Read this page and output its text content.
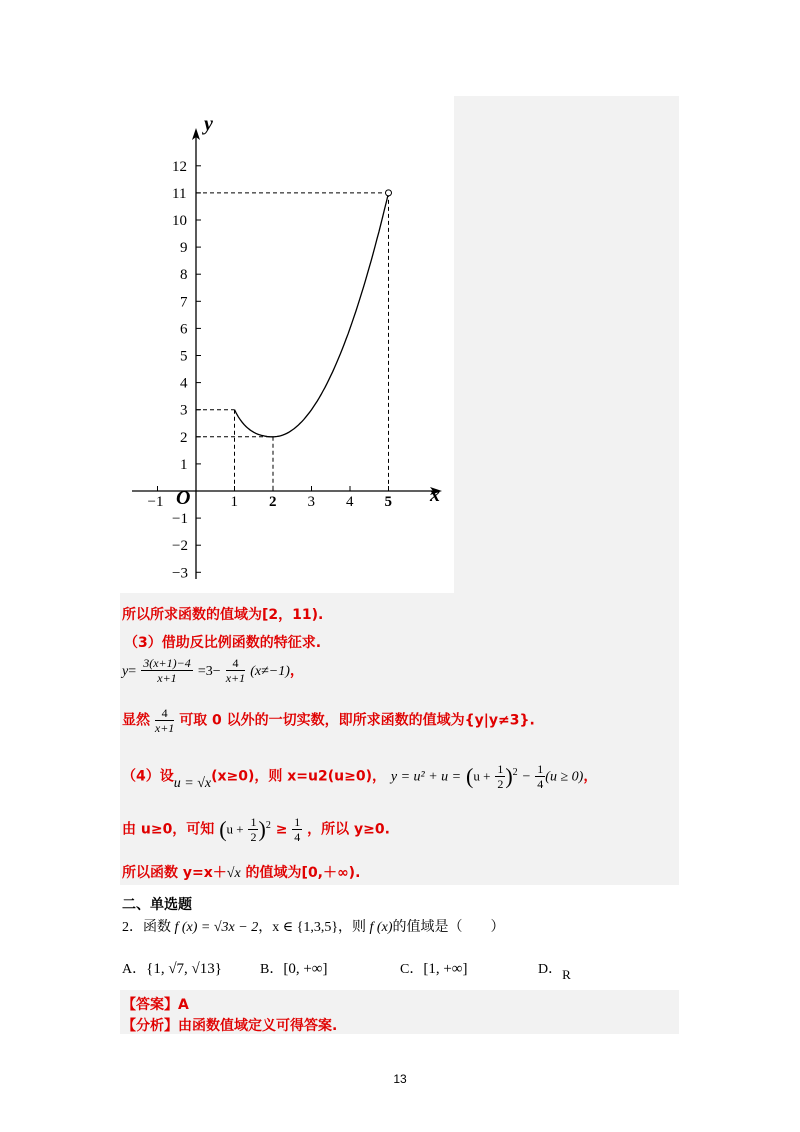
x
y
O
−1	1 2 3 4 5
12
11
10
9
8
7
6
5
4
3
2
1
−1
−2
−3
所以所求函数的值域为[2，11).
（3）借助反比例函数的特征求.
$y= \frac{3(x+1)-4}{x+1} =3- \frac{4}{x+1} (x\ne-1)$，
显然 $\frac{4}{x+1}$ 可取 0 以外的一切实数，即所求函数的值域为{y|y≠3}.
（4）设u = √x(x≥0)，则 x=u2(u≥0)， $y = u^2 + u = (u + \frac{1}{2} )^2 - \frac{1}{4} (u \ge 0)$，
由 u≥0，可知 $(u + \frac{1}{2} )^2 \ge \frac{1}{4}$ ，所以 y≥0.
所以函数 y=x＋√x 的值域为[0,＋∞).
二、单选题
2．函数 f (x) = √3x − 2，x ∈ {1,3,5}，则 f (x)的值域是（　　）
A．{1, √7, √13}	B．[0, +∞]	C．[1, +∞]	D．R
【答案】A
【分析】由函数值域定义可得答案.
13
